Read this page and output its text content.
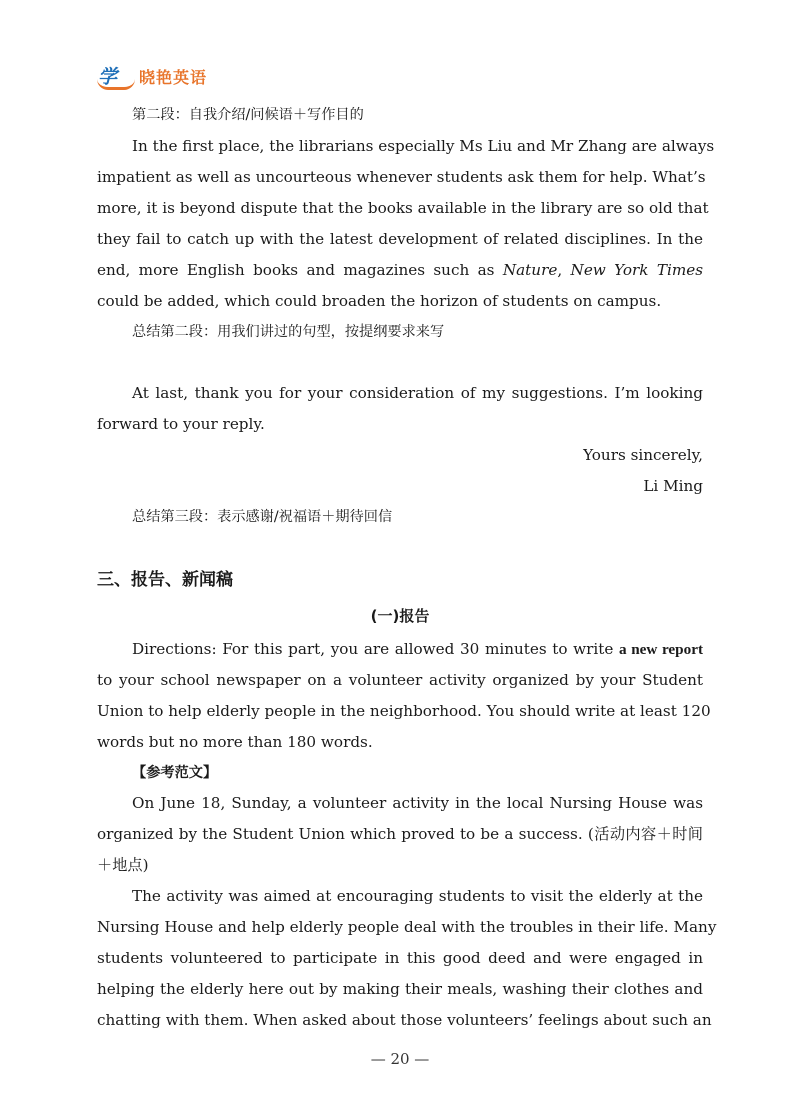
学 晓艳英语
第二段：自我介绍/问候语＋写作目的
In the first place, the librarians especially Ms Liu and Mr Zhang are always
impatient as well as uncourteous whenever students ask them for help. What’s
more, it is beyond dispute that the books available in the library are so old that
they fail to catch up with the latest development of related disciplines. In the
end, more English books and magazines such as Nature, New York Times
could be added, which could broaden the horizon of students on campus.
总结第二段：用我们讲过的句型，按提纲要求来写
At last, thank you for your consideration of my suggestions. I’m looking
forward to your reply.
Yours sincerely,
Li Ming
总结第三段：表示感谢/祝福语＋期待回信
三、报告、新闻稿
(一)报告
Directions: For this part, you are allowed 30 minutes to write a new report
to your school newspaper on a volunteer activity organized by your Student
Union to help elderly people in the neighborhood. You should write at least 120
words but no more than 180 words.
【参考范文】
On June 18, Sunday, a volunteer activity in the local Nursing House was
organized by the Student Union which proved to be a success. (活动内容＋时间
＋地点)
The activity was aimed at encouraging students to visit the elderly at the
Nursing House and help elderly people deal with the troubles in their life. Many
students volunteered to participate in this good deed and were engaged in
helping the elderly here out by making their meals, washing their clothes and
chatting with them. When asked about those volunteers’ feelings about such an
— 20 —
